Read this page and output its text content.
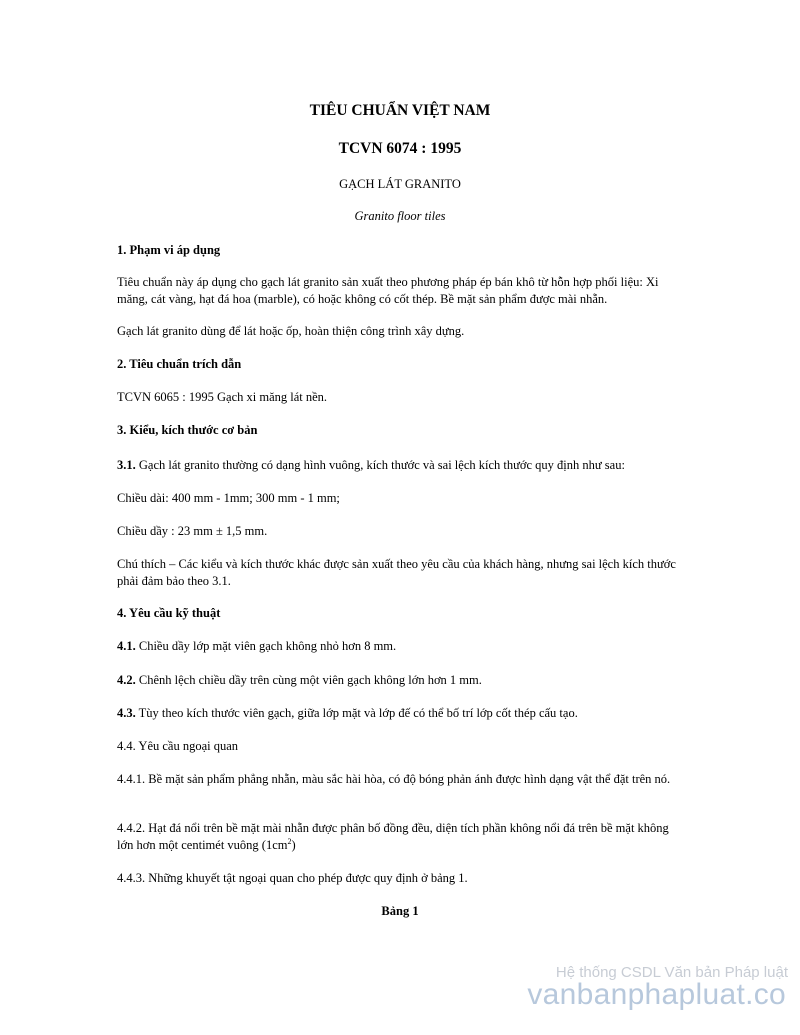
TIÊU CHUẨN VIỆT NAM
TCVN 6074 : 1995
GẠCH LÁT GRANITO
Granito floor tiles

1. Phạm vi áp dụng

Tiêu chuẩn này áp dụng cho gạch lát granito sản xuất theo phương pháp ép bán khô từ hỗn hợp phối liệu: Xi măng, cát vàng, hạt đá hoa (marble), có hoặc không có cốt thép. Bề mặt sản phẩm được mài nhẵn.

Gạch lát granito dùng để lát hoặc ốp, hoàn thiện công trình xây dựng.

2. Tiêu chuẩn trích dẫn

TCVN 6065 : 1995 Gạch xi măng lát nền.

3. Kiểu, kích thước cơ bản

3.1. Gạch lát granito thường có dạng hình vuông, kích thước và sai lệch kích thước quy định như sau:

Chiều dài: 400 mm - 1mm; 300 mm - 1 mm;

Chiều dầy : 23 mm ± 1,5 mm.

Chú thích – Các kiểu và kích thước khác được sản xuất theo yêu cầu của khách hàng, nhưng sai lệch kích thước phải đảm bảo theo 3.1.

4. Yêu cầu kỹ thuật

4.1. Chiều dầy lớp mặt viên gạch không nhỏ hơn 8 mm.

4.2. Chênh lệch chiều dầy trên cùng một viên gạch không lớn hơn 1 mm.

4.3. Tùy theo kích thước viên gạch, giữa lớp mặt và lớp đế có thể bố trí lớp cốt thép cấu tạo.

4.4. Yêu cầu ngoại quan

4.4.1. Bề mặt sản phẩm phẳng nhẵn, màu sắc hài hòa, có độ bóng phản ánh được hình dạng vật thể đặt trên nó.

4.4.2. Hạt đá nổi trên bề mặt mài nhẵn được phân bố đồng đều, diện tích phần không nổi đá trên bề mặt không lớn hơn một centimét vuông $(1cm^2)$

4.4.3. Những khuyết tật ngoại quan cho phép được quy định ở bảng 1.

Bảng 1
Hệ thống CSDL Văn bản Pháp luật
vanbanphapluat.co
